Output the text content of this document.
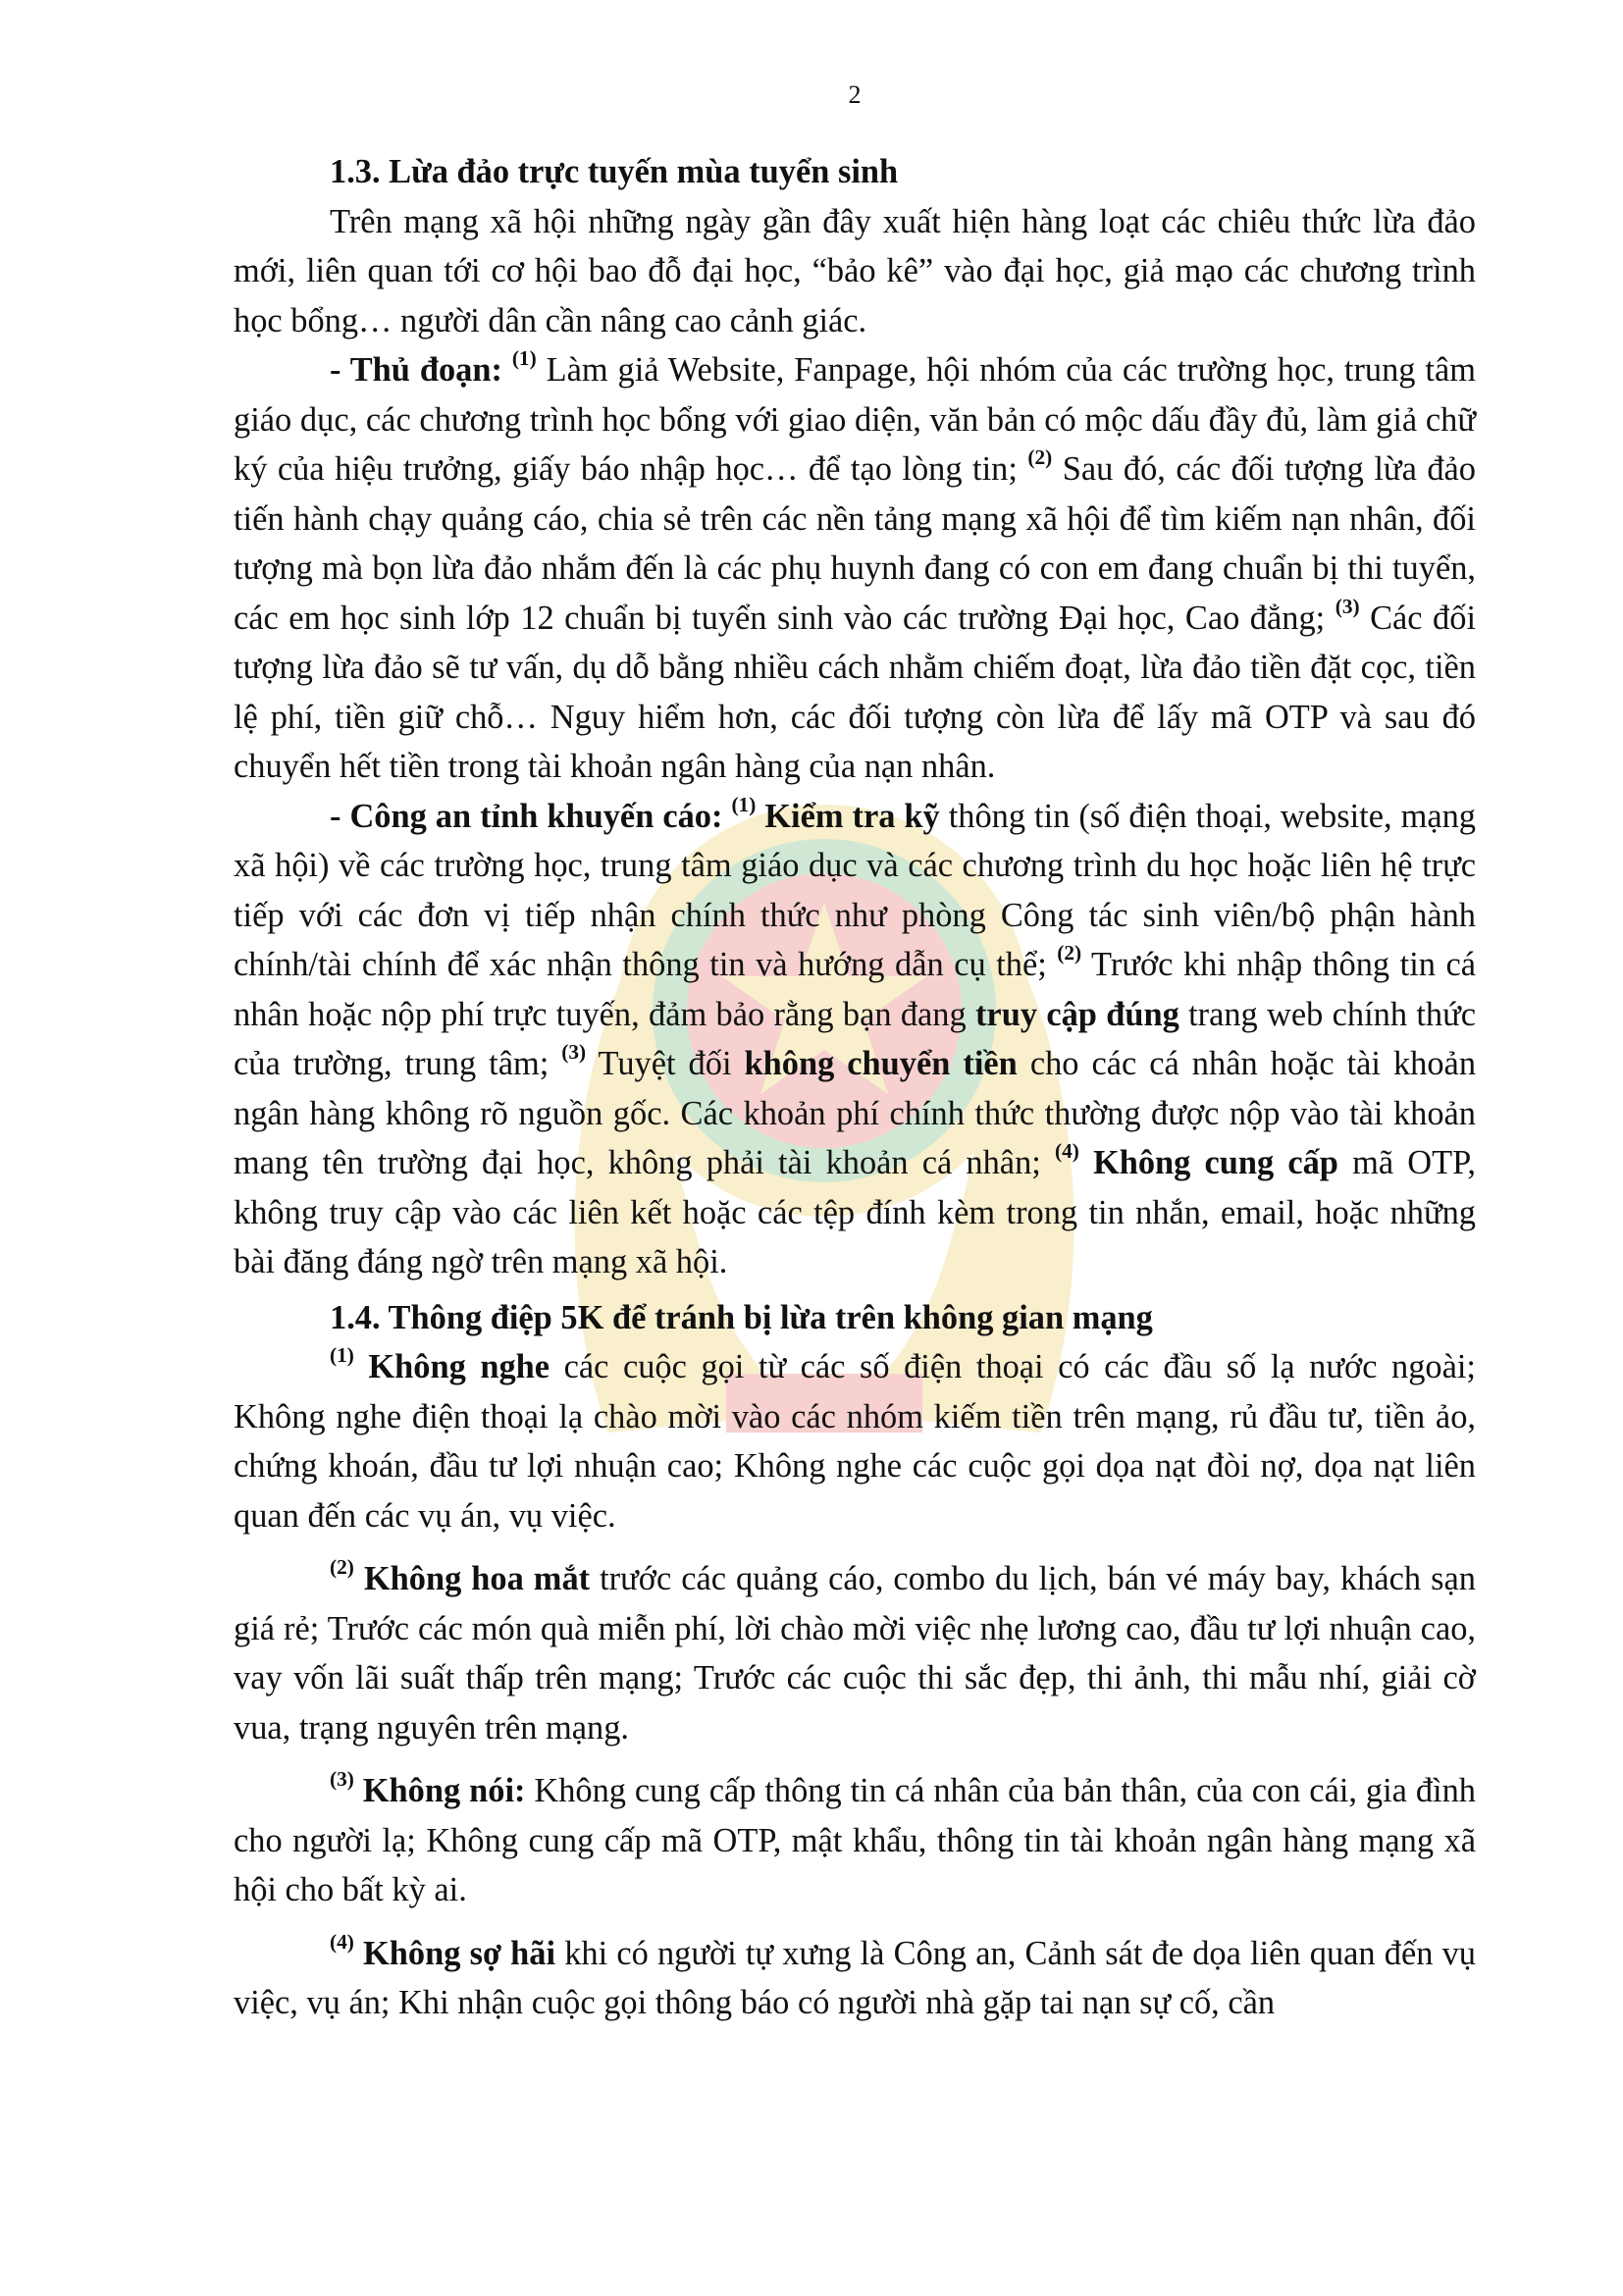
2
1.3. Lừa đảo trực tuyến mùa tuyển sinh

Trên mạng xã hội những ngày gần đây xuất hiện hàng loạt các chiêu thức lừa đảo mới, liên quan tới cơ hội bao đỗ đại học, “bảo kê” vào đại học, giả mạo các chương trình học bổng… người dân cần nâng cao cảnh giác.

- Thủ đoạn: $^{(1)}$ Làm giả Website, Fanpage, hội nhóm của các trường học, trung tâm giáo dục, các chương trình học bổng với giao diện, văn bản có mộc dấu đầy đủ, làm giả chữ ký của hiệu trưởng, giấy báo nhập học… để tạo lòng tin; $^{(2)}$ Sau đó, các đối tượng lừa đảo tiến hành chạy quảng cáo, chia sẻ trên các nền tảng mạng xã hội để tìm kiếm nạn nhân, đối tượng mà bọn lừa đảo nhắm đến là các phụ huynh đang có con em đang chuẩn bị thi tuyển, các em học sinh lớp 12 chuẩn bị tuyển sinh vào các trường Đại học, Cao đẳng; $^{(3)}$ Các đối tượng lừa đảo sẽ tư vấn, dụ dỗ bằng nhiều cách nhằm chiếm đoạt, lừa đảo tiền đặt cọc, tiền lệ phí, tiền giữ chỗ… Nguy hiểm hơn, các đối tượng còn lừa để lấy mã OTP và sau đó chuyển hết tiền trong tài khoản ngân hàng của nạn nhân.

- Công an tỉnh khuyến cáo: $^{(1)}$ Kiểm tra kỹ thông tin (số điện thoại, website, mạng xã hội) về các trường học, trung tâm giáo dục và các chương trình du học hoặc liên hệ trực tiếp với các đơn vị tiếp nhận chính thức như phòng Công tác sinh viên/bộ phận hành chính/tài chính để xác nhận thông tin và hướng dẫn cụ thể; $^{(2)}$ Trước khi nhập thông tin cá nhân hoặc nộp phí trực tuyến, đảm bảo rằng bạn đang truy cập đúng trang web chính thức của trường, trung tâm; $^{(3)}$ Tuyệt đối không chuyển tiền cho các cá nhân hoặc tài khoản ngân hàng không rõ nguồn gốc. Các khoản phí chính thức thường được nộp vào tài khoản mang tên trường đại học, không phải tài khoản cá nhân; $^{(4)}$ Không cung cấp mã OTP, không truy cập vào các liên kết hoặc các tệp đính kèm trong tin nhắn, email, hoặc những bài đăng đáng ngờ trên mạng xã hội.

1.4. Thông điệp 5K để tránh bị lừa trên không gian mạng

$^{(1)}$ Không nghe các cuộc gọi từ các số điện thoại có các đầu số lạ nước ngoài; Không nghe điện thoại lạ chào mời vào các nhóm kiếm tiền trên mạng, rủ đầu tư, tiền ảo, chứng khoán, đầu tư lợi nhuận cao; Không nghe các cuộc gọi dọa nạt đòi nợ, dọa nạt liên quan đến các vụ án, vụ việc.

$^{(2)}$ Không hoa mắt trước các quảng cáo, combo du lịch, bán vé máy bay, khách sạn giá rẻ; Trước các món quà miễn phí, lời chào mời việc nhẹ lương cao, đầu tư lợi nhuận cao, vay vốn lãi suất thấp trên mạng; Trước các cuộc thi sắc đẹp, thi ảnh, thi mẫu nhí, giải cờ vua, trạng nguyên trên mạng.

$^{(3)}$ Không nói: Không cung cấp thông tin cá nhân của bản thân, của con cái, gia đình cho người lạ; Không cung cấp mã OTP, mật khẩu, thông tin tài khoản ngân hàng mạng xã hội cho bất kỳ ai.

$^{(4)}$ Không sợ hãi khi có người tự xưng là Công an, Cảnh sát đe dọa liên quan đến vụ việc, vụ án; Khi nhận cuộc gọi thông báo có người nhà gặp tai nạn sự cố, cần
